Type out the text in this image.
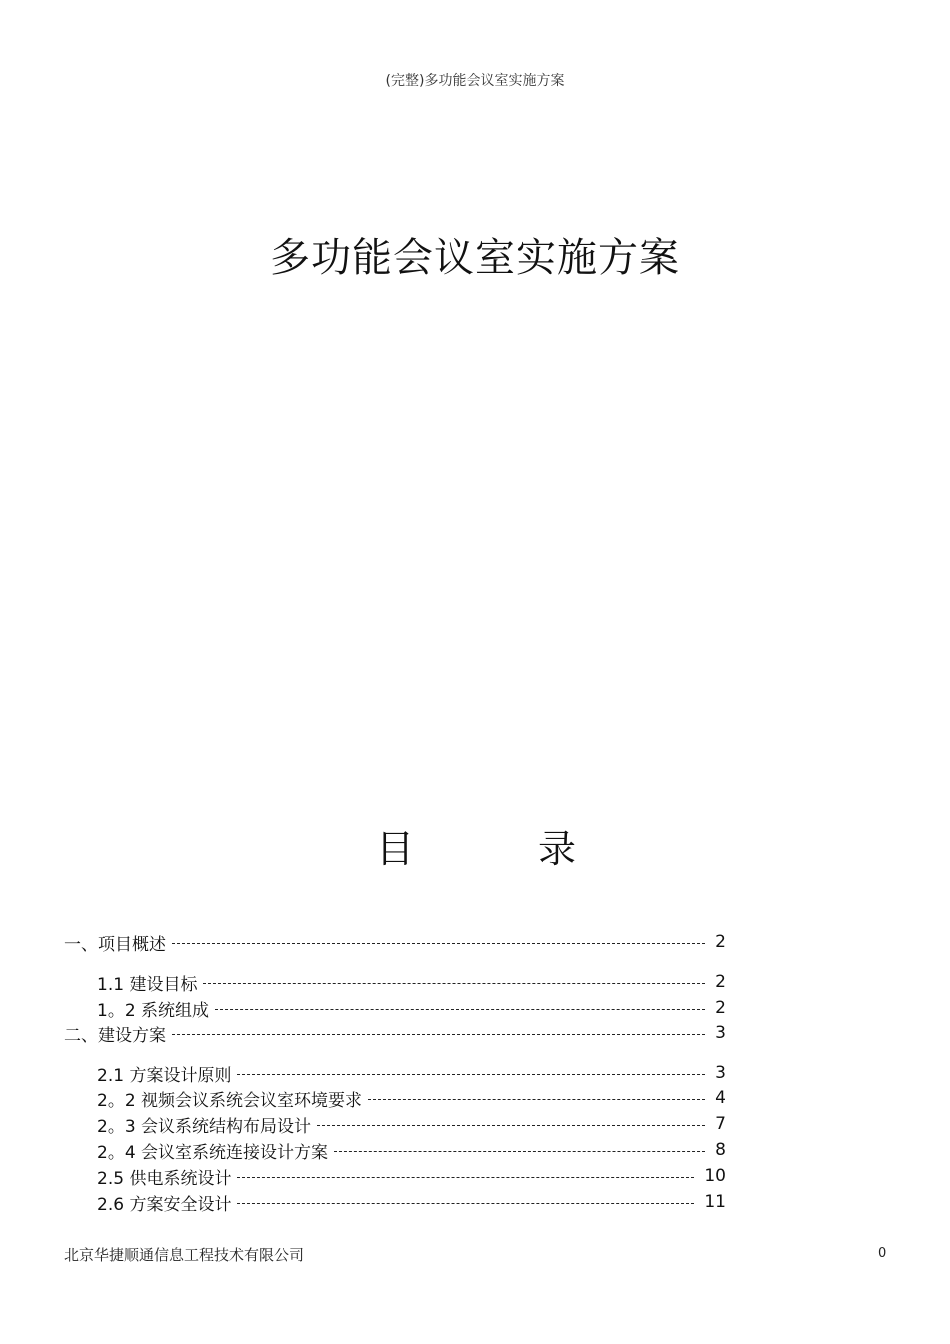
(完整)多功能会议室实施方案
多功能会议室实施方案
目	录
一、项目概述	2
1.1 建设目标	2
1。2 系统组成	2
二、建设方案	3
2.1 方案设计原则	3
2。2 视频会议系统会议室环境要求	4
2。3 会议系统结构布局设计	7
2。4 会议室系统连接设计方案	8
2.5 供电系统设计	10
2.6 方案安全设计	11
北京华捷顺通信息工程技术有限公司	0
